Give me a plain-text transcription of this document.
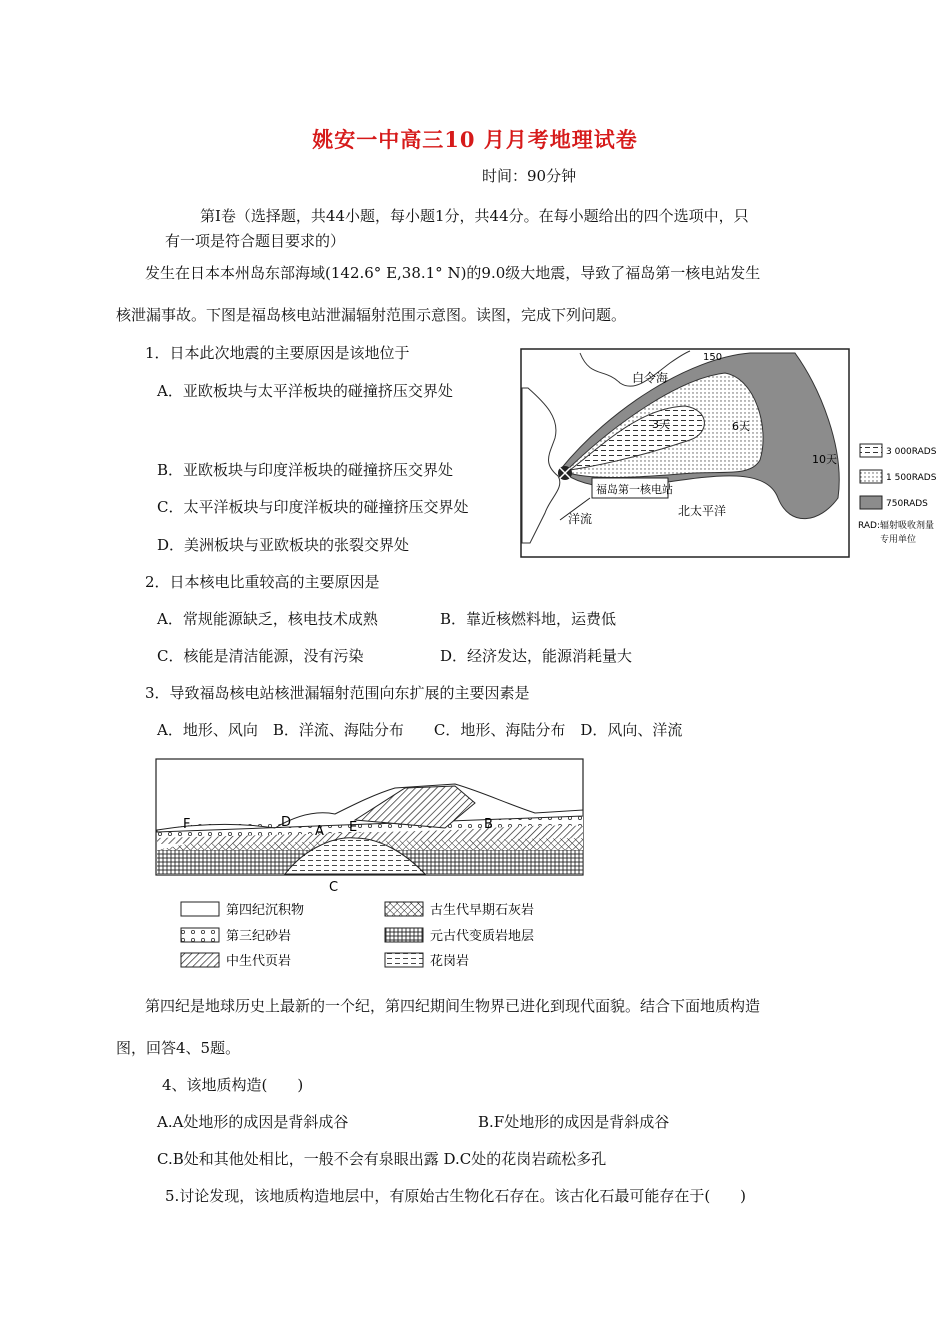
姚安一中高三10 月月考地理试卷
时间：90分钟
第Ⅰ卷（选择题，共44小题，每小题1分，共44分。在每小题给出的四个选项中，只
有一项是符合题目要求的）
发生在日本本州岛东部海域(142.6° E,38.1° N)的9.0级大地震，导致了福岛第一核电站发生
核泄漏事故。下图是福岛核电站泄漏辐射范围示意图。读图，完成下列问题。
1．日本此次地震的主要原因是该地位于
A．亚欧板块与太平洋板块的碰撞挤压交界处
B．亚欧板块与印度洋板块的碰撞挤压交界处
C．太平洋板块与印度洋板块的碰撞挤压交界处
D．美洲板块与亚欧板块的张裂交界处
白令海
3天	6天
10天
福岛第一核电站
洋流
北太平洋
150
3 000RADS
1 500RADS
750RADS
RAD:辐射吸收剂量
专用单位
2．日本核电比重较高的主要原因是
A．常规能源缺乏，核电技术成熟	B．靠近核燃料地，运费低
C．核能是清洁能源，没有污染	D．经济发达，能源消耗量大
3．导致福岛核电站核泄漏辐射范围向东扩展的主要因素是
A．地形、风向　B．洋流、海陆分布　　C．地形、海陆分布　D．风向、洋流
F	D
A E	B
C
第四纪沉积物
第三纪砂岩
中生代页岩
古生代早期石灰岩
元古代变质岩地层
花岗岩
第四纪是地球历史上最新的一个纪，第四纪期间生物界已进化到现代面貌。结合下面地质构造
图，回答4、5题。
4、该地质构造(　　)
A.A处地形的成因是背斜成谷	B.F处地形的成因是背斜成谷
C.B处和其他处相比，一般不会有泉眼出露 D.C处的花岗岩疏松多孔
5.讨论发现，该地质构造地层中，有原始古生物化石存在。该古化石最可能存在于(　　)
